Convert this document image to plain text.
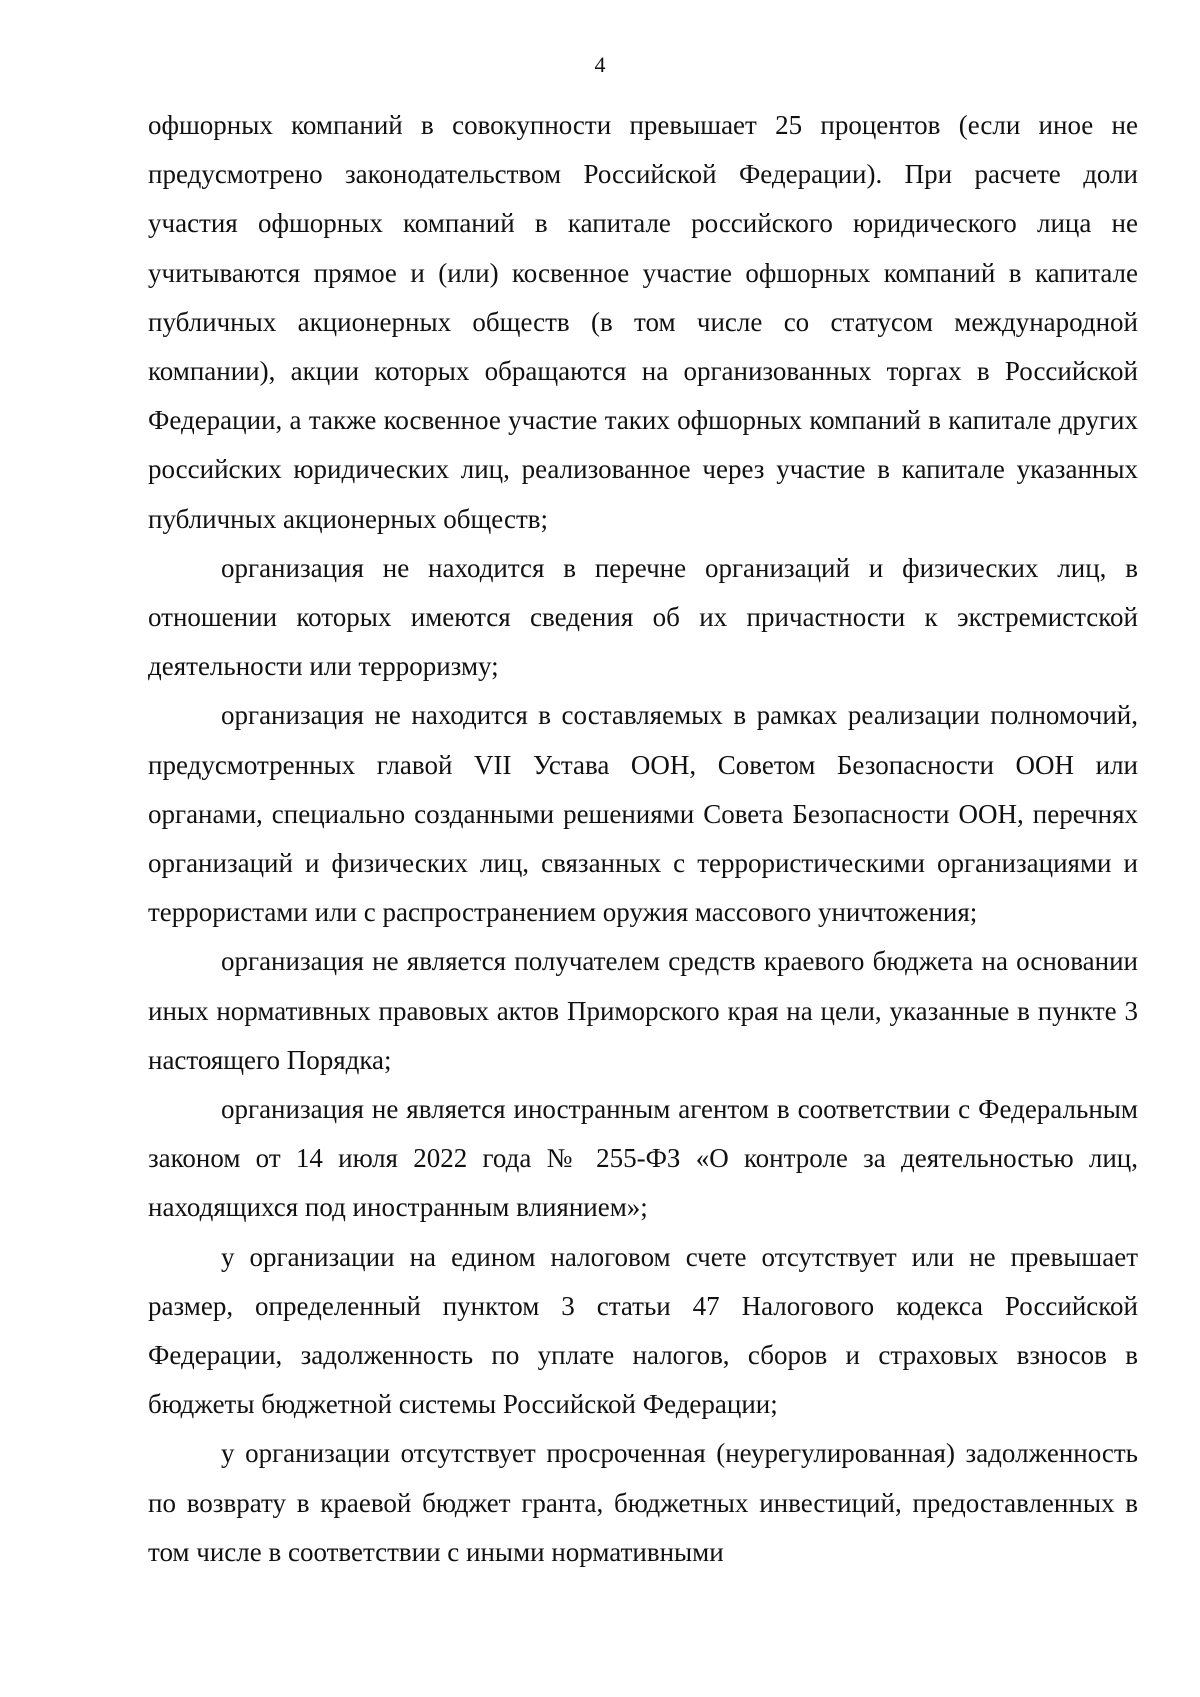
4

офшорных компаний в совокупности превышает 25 процентов (если иное не предусмотрено законодательством Российской Федерации). При расчете доли участия офшорных компаний в капитале российского юридического лица не учитываются прямое и (или) косвенное участие офшорных компаний в капитале публичных акционерных обществ (в том числе со статусом международной компании), акции которых обращаются на организованных торгах в Российской Федерации, а также косвенное участие таких офшорных компаний в капитале других российских юридических лиц, реализованное через участие в капитале указанных публичных акционерных обществ;

организация не находится в перечне организаций и физических лиц, в отношении которых имеются сведения об их причастности к экстремистской деятельности или терроризму;

организация не находится в составляемых в рамках реализации полномочий, предусмотренных главой VII Устава ООН, Советом Безопасности ООН или органами, специально созданными решениями Совета Безопасности ООН, перечнях организаций и физических лиц, связанных с террористическими организациями и террористами или с распространением оружия массового уничтожения;

организация не является получателем средств краевого бюджета на основании иных нормативных правовых актов Приморского края на цели, указанные в пункте 3 настоящего Порядка;

организация не является иностранным агентом в соответствии с Федеральным законом от 14 июля 2022 года № 255-ФЗ «О контроле за деятельностью лиц, находящихся под иностранным влиянием»;

у организации на едином налоговом счете отсутствует или не превышает размер, определенный пунктом 3 статьи 47 Налогового кодекса Российской Федерации, задолженность по уплате налогов, сборов и страховых взносов в бюджеты бюджетной системы Российской Федерации;

у организации отсутствует просроченная (неурегулированная) задолженность по возврату в краевой бюджет гранта, бюджетных инвестиций, предоставленных в том числе в соответствии с иными нормативными
